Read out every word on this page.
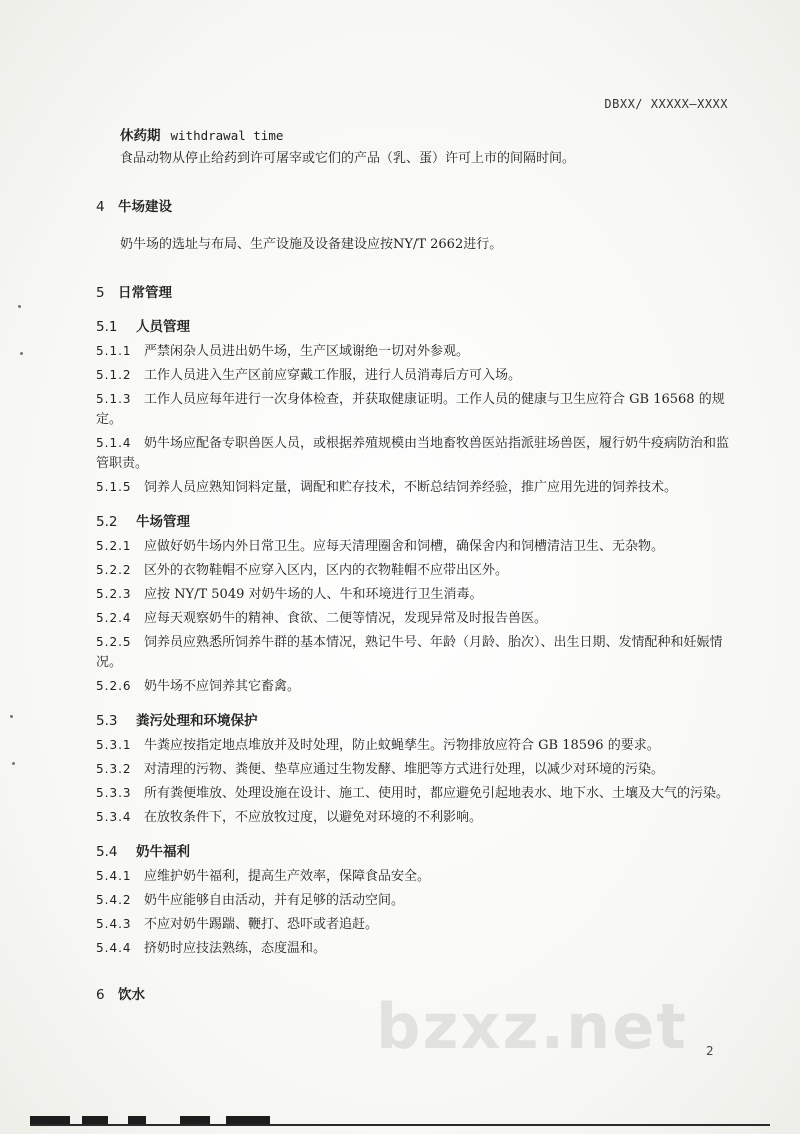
DBXX/ XXXXX—XXXX
休药期 withdrawal time
食品动物从停止给药到许可屠宰或它们的产品（乳、蛋）许可上市的间隔时间。
4 牛场建设
奶牛场的选址与布局、生产设施及设备建设应按NY/T 2662进行。
5 日常管理
5.1 人员管理
5.1.1 严禁闲杂人员进出奶牛场，生产区域谢绝一切对外参观。
5.1.2 工作人员进入生产区前应穿戴工作服，进行人员消毒后方可入场。
5.1.3 工作人员应每年进行一次身体检查，并获取健康证明。工作人员的健康与卫生应符合 GB 16568 的规定。
5.1.4 奶牛场应配备专职兽医人员，或根据养殖规模由当地畜牧兽医站指派驻场兽医，履行奶牛疫病防治和监管职责。
5.1.5 饲养人员应熟知饲料定量，调配和贮存技术，不断总结饲养经验，推广应用先进的饲养技术。
5.2 牛场管理
5.2.1 应做好奶牛场内外日常卫生。应每天清理圈舍和饲槽，确保舍内和饲槽清洁卫生、无杂物。
5.2.2 区外的衣物鞋帽不应穿入区内，区内的衣物鞋帽不应带出区外。
5.2.3 应按 NY/T 5049 对奶牛场的人、牛和环境进行卫生消毒。
5.2.4 应每天观察奶牛的精神、食欲、二便等情况，发现异常及时报告兽医。
5.2.5 饲养员应熟悉所饲养牛群的基本情况，熟记牛号、年龄（月龄、胎次）、出生日期、发情配种和妊娠情况。
5.2.6 奶牛场不应饲养其它畜禽。
5.3 粪污处理和环境保护
5.3.1 牛粪应按指定地点堆放并及时处理，防止蚊蝇孳生。污物排放应符合 GB 18596 的要求。
5.3.2 对清理的污物、粪便、垫草应通过生物发酵、堆肥等方式进行处理，以减少对环境的污染。
5.3.3 所有粪便堆放、处理设施在设计、施工、使用时，都应避免引起地表水、地下水、土壤及大气的污染。
5.3.4 在放牧条件下，不应放牧过度，以避免对环境的不利影响。
5.4 奶牛福利
5.4.1 应维护奶牛福利，提高生产效率，保障食品安全。
5.4.2 奶牛应能够自由活动，并有足够的活动空间。
5.4.3 不应对奶牛踢踹、鞭打、恐吓或者追赶。
5.4.4 挤奶时应技法熟练，态度温和。
6 饮水	bzxz.net 2
